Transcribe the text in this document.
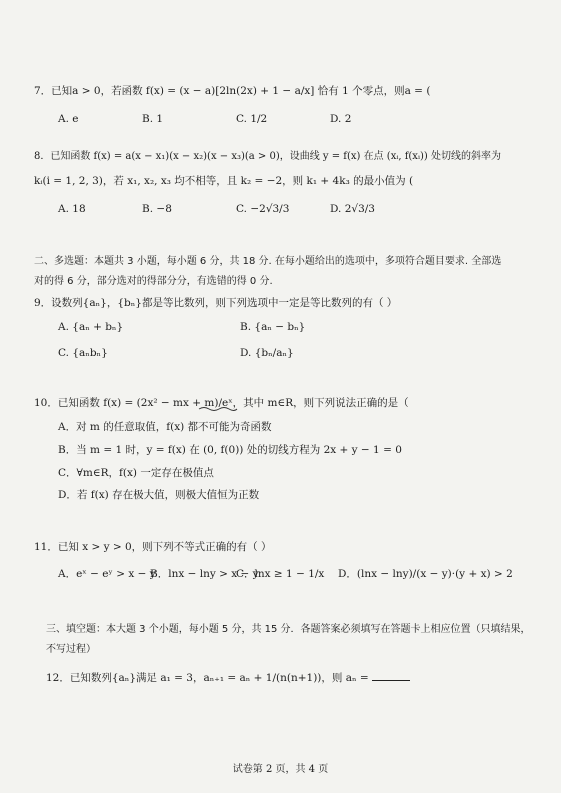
7．已知a > 0，若函数 f(x) = (x − a)[2ln(2x) + 1 − a/x] 恰有 1 个零点，则a = (
A. e	B. 1	C. 1/2	D. 2
8．已知函数 f(x) = a(x − x₁)(x − x₂)(x − x₃)(a > 0)，设曲线 y = f(x) 在点 (xᵢ, f(xᵢ)) 处切线的斜率为
kᵢ(i = 1, 2, 3)，若 x₁, x₂, x₃ 均不相等，且 k₂ = −2，则 k₁ + 4k₃ 的最小值为 (
A. 18	B. −8	C. −2√3/3	D. 2√3/3
二、多选题：本题共 3 小题，每小题 6 分，共 18 分. 在每小题给出的选项中，多项符合题目要求. 全部选
对的得 6 分，部分选对的得部分分，有选错的得 0 分.
9．设数列{aₙ}，{bₙ}都是等比数列，则下列选项中一定是等比数列的有（ ）
A. {aₙ + bₙ}	B. {aₙ − bₙ}
C. {aₙbₙ}	D. {bₙ/aₙ}
10．已知函数 f(x) = (2x² − mx + m)/eˣ，其中 m∈R，则下列说法正确的是（
A．对 m 的任意取值，f(x) 都不可能为奇函数
B．当 m = 1 时，y = f(x) 在 (0, f(0)) 处的切线方程为 2x + y − 1 = 0
C．∀m∈R，f(x) 一定存在极值点
D．若 f(x) 存在极大值，则极大值恒为正数
11．已知 x > y > 0，则下列不等式正确的有（ ）
A．eˣ − eʸ > x − y
B．lnx − lny > x − y
C．lnx ≥ 1 − 1/x D．(lnx − lny)/(x − y)·(y + x) > 2
三、填空题：本大题 3 个小题，每小题 5 分，共 15 分．各题答案必须填写在答题卡上相应位置（只填结果，
不写过程）
12．已知数列{aₙ}满足 a₁ = 3，aₙ₊₁ = aₙ + 1/(n(n+1))，则 aₙ =
试卷第 2 页，共 4 页
